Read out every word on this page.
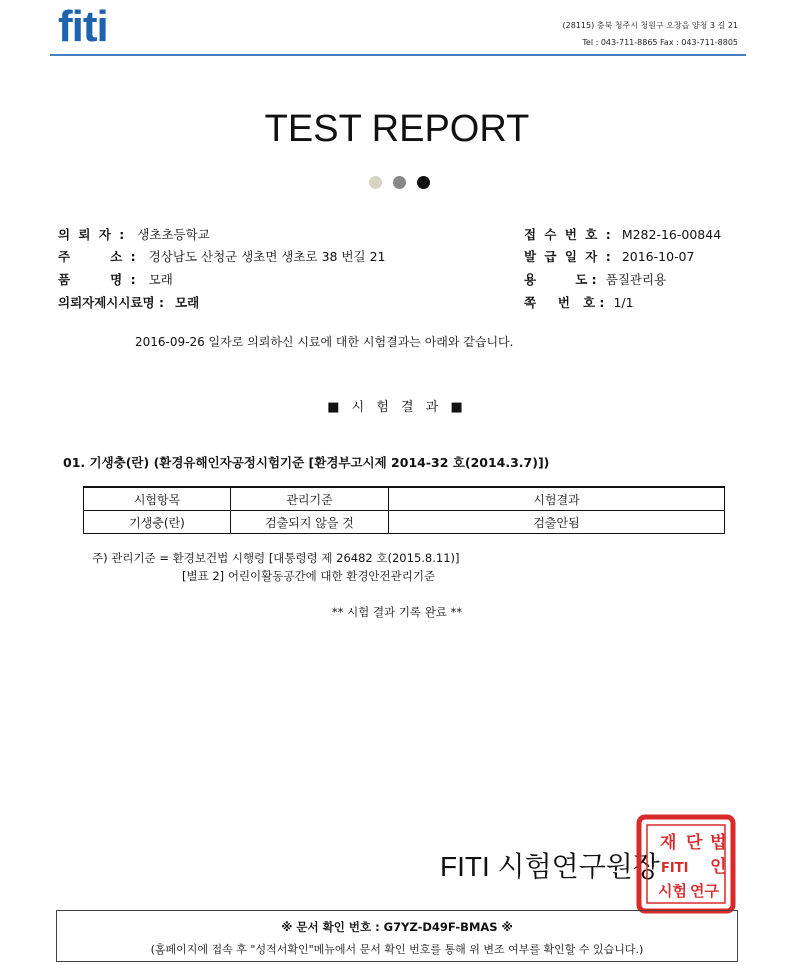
fiti	(28115) 충북 청주시 청원구 오창읍 양청 3 길 21
Tel : 043-711-8865 Fax : 043-711-8805
TEST REPORT
의 뢰 자 : 생초초등학교
주      소 : 경상남도 산청군 생초면 생초로 38 번길 21
품      명 : 모래
의뢰자제시시료명 : 모래
접 수 번 호 : M282-16-00844
발 급 일 자 : 2016-10-07
용         도 : 품질관리용
쪽     번   호 : 1/1
2016-09-26 일자로 의뢰하신 시료에 대한 시험결과는 아래와 같습니다.
■ 시 험 결 과 ■
01. 기생충(란) (환경유해인자공정시험기준 [환경부고시제 2014-32 호(2014.3.7)])
시험항목	관리기준	시험결과
기생충(란)	검출되지 않을 것	검출안됨
주) 관리기준 = 환경보건법 시행령 [대통령령 제 26482 호(2015.8.11)]
[별표 2] 어린이활동공간에 대한 환경안전관리기준
** 시험 결과 기록 완료 **
FITI 시험연구원장
재 단 법
인
FITI
시험 연구
※ 문서 확인 번호 : G7YZ-D49F-BMAS ※
(홈페이지에 접속 후 "성적서확인"메뉴에서 문서 확인 번호를 통해 위 변조 여부를 확인할 수 있습니다.)
